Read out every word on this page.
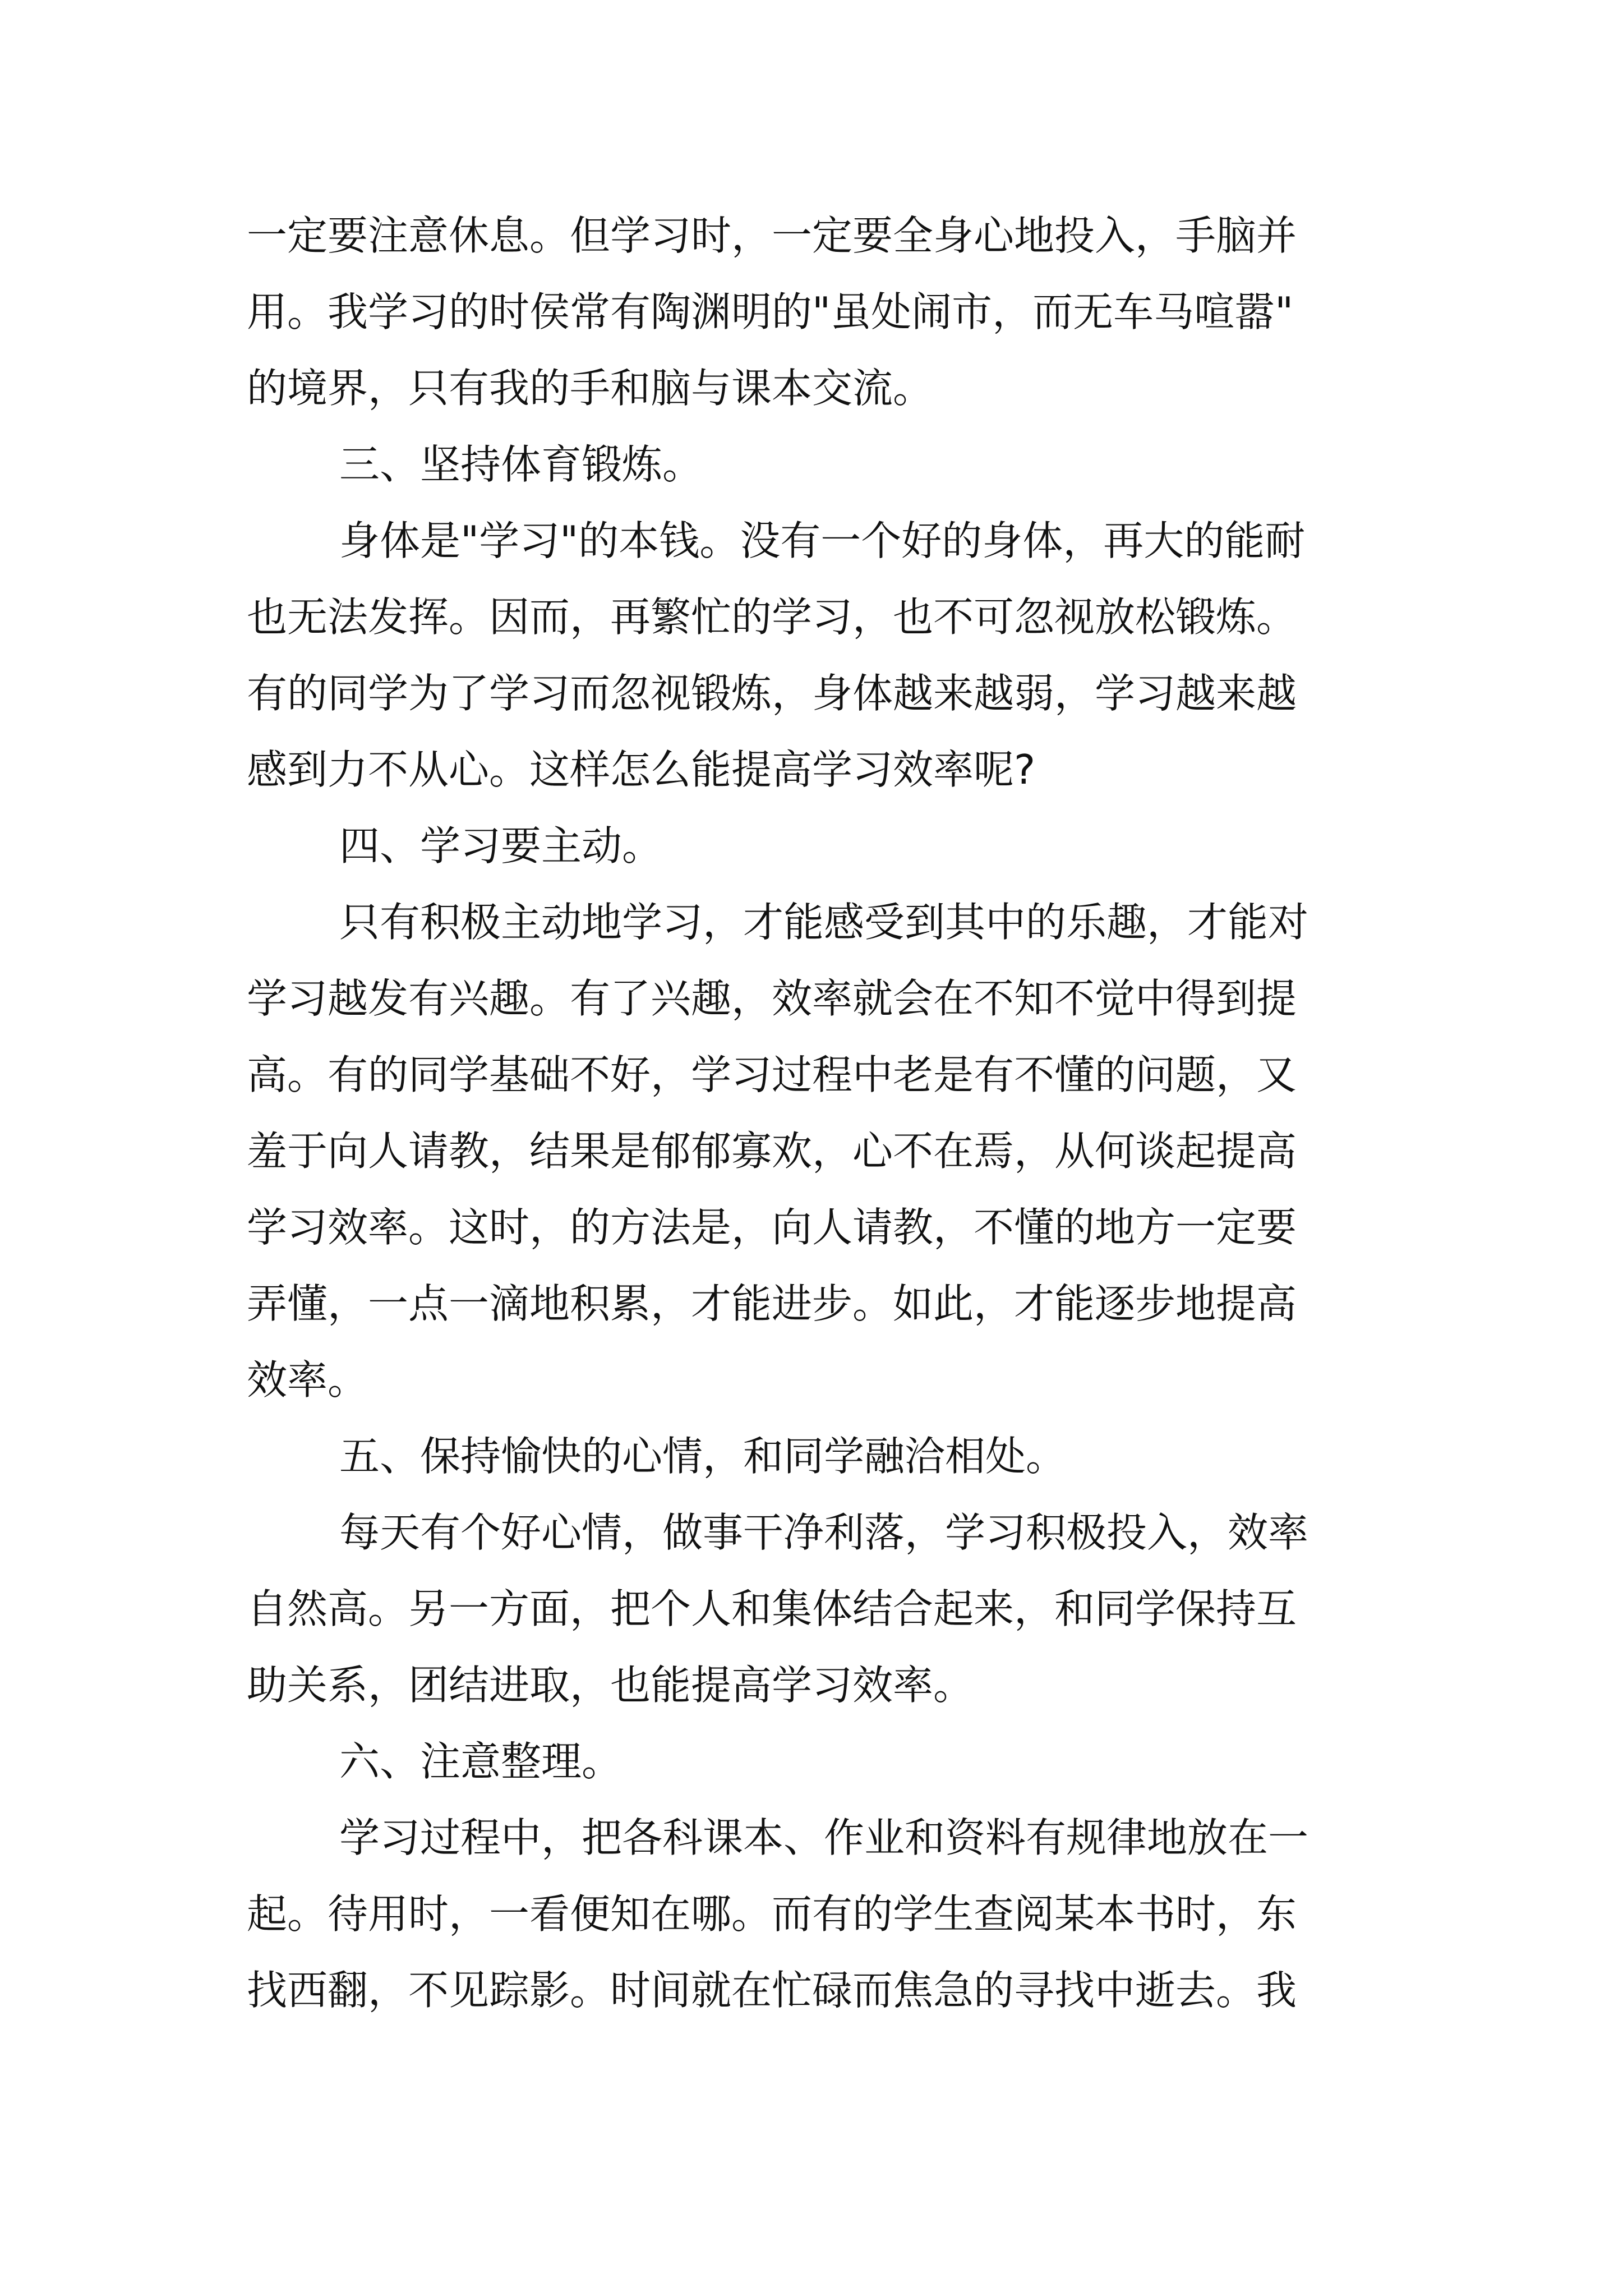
一定要注意休息。但学习时，一定要全身心地投入，手脑并
用。我学习的时侯常有陶渊明的"虽处闹市，而无车马喧嚣"
的境界，只有我的手和脑与课本交流。
三、坚持体育锻炼。
身体是"学习"的本钱。没有一个好的身体，再大的能耐
也无法发挥。因而，再繁忙的学习，也不可忽视放松锻炼。
有的同学为了学习而忽视锻炼，身体越来越弱，学习越来越
感到力不从心。这样怎么能提高学习效率呢?
四、学习要主动。
只有积极主动地学习，才能感受到其中的乐趣，才能对
学习越发有兴趣。有了兴趣，效率就会在不知不觉中得到提
高。有的同学基础不好，学习过程中老是有不懂的问题，又
羞于向人请教，结果是郁郁寡欢，心不在焉，从何谈起提高
学习效率。这时，的方法是，向人请教，不懂的地方一定要
弄懂，一点一滴地积累，才能进步。如此，才能逐步地提高
效率。
五、保持愉快的心情，和同学融洽相处。
每天有个好心情，做事干净利落，学习积极投入，效率
自然高。另一方面，把个人和集体结合起来，和同学保持互
助关系，团结进取，也能提高学习效率。
六、注意整理。
学习过程中，把各科课本、作业和资料有规律地放在一
起。待用时，一看便知在哪。而有的学生查阅某本书时，东
找西翻，不见踪影。时间就在忙碌而焦急的寻找中逝去。我
